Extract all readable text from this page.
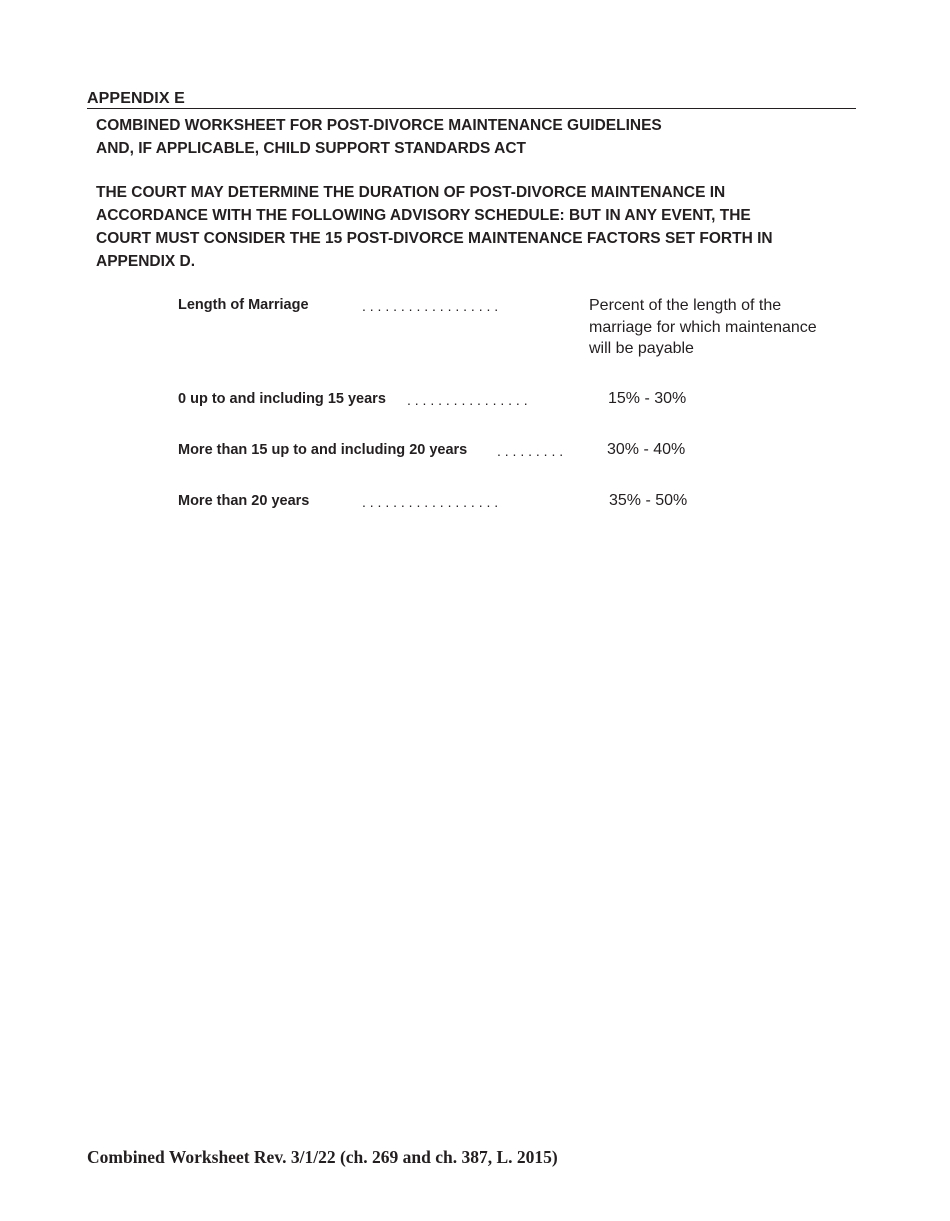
APPENDIX E
COMBINED WORKSHEET FOR POST-DIVORCE MAINTENANCE GUIDELINES
AND, IF APPLICABLE, CHILD SUPPORT STANDARDS ACT
THE COURT MAY DETERMINE THE DURATION OF POST-DIVORCE MAINTENANCE IN
ACCORDANCE WITH THE FOLLOWING ADVISORY SCHEDULE: BUT IN ANY EVENT, THE
COURT MUST CONSIDER THE 15 POST-DIVORCE MAINTENANCE FACTORS SET FORTH IN
APPENDIX D.
Length of Marriage	. . . . . . . . . . . . . . . . . .	Percent of the length of the
marriage for which maintenance
will be payable
0 up to and including 15 years . . . . . . . . . . . . . . . .	15% - 30%
More than 15 up to and including 20 years . . . . . . . . .	30% - 40%
More than 20 years	. . . . . . . . . . . . . . . . . .	35% - 50%
Combined Worksheet Rev. 3/1/22 (ch. 269 and ch. 387, L. 2015)
